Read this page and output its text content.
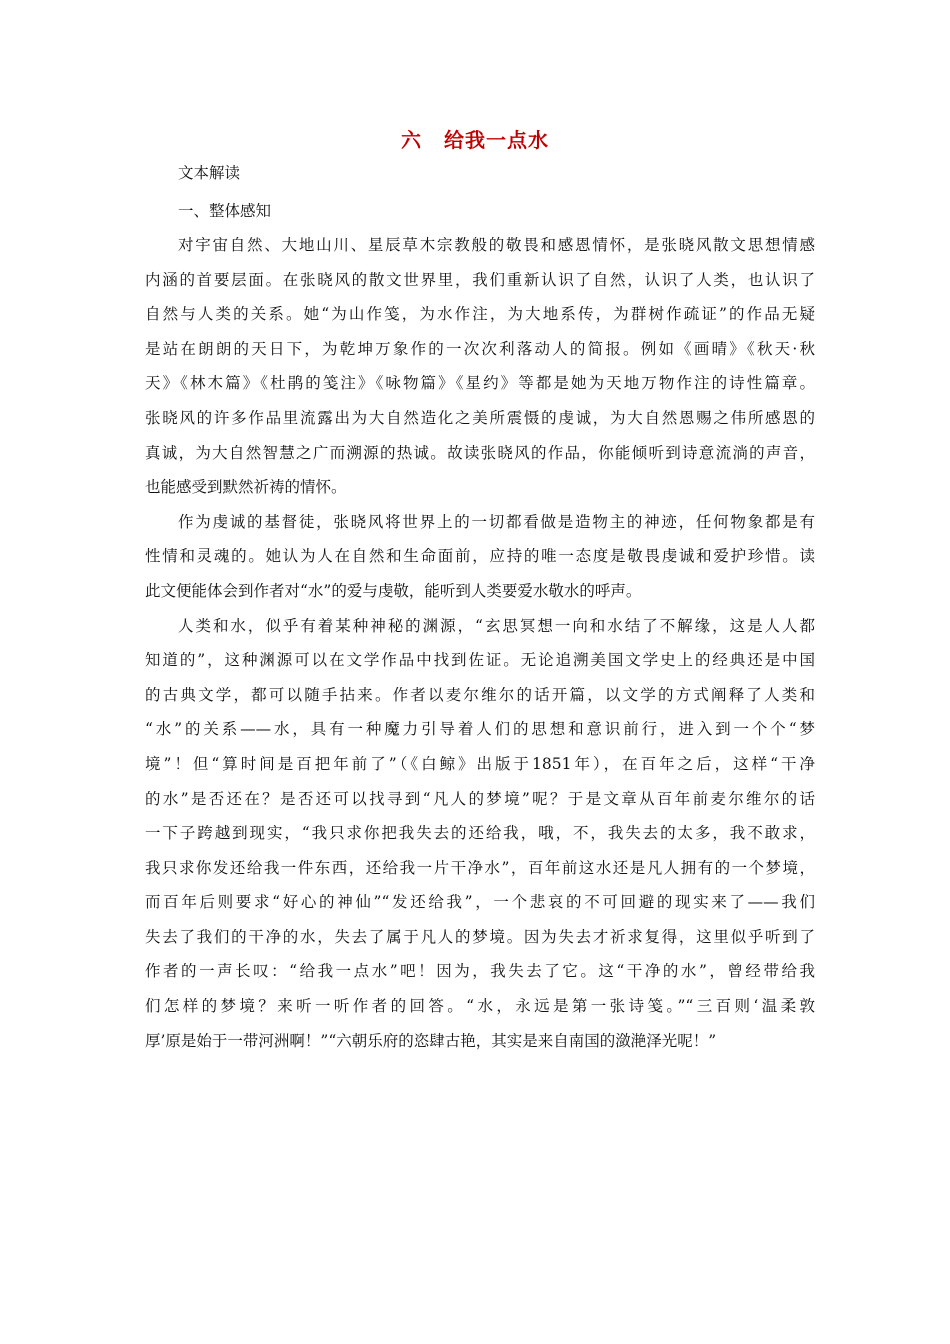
六 给我一点水
文本解读
一、整体感知
对宇宙自然、大地山川、星辰草木宗教般的敬畏和感恩情怀，是张晓风散文思想情感
内涵的首要层面。在张晓风的散文世界里，我们重新认识了自然，认识了人类，也认识了
自然与人类的关系。她“为山作笺，为水作注，为大地系传，为群树作疏证”的作品无疑
是站在朗朗的天日下，为乾坤万象作的一次次利落动人的简报。例如《画晴》《秋天·秋
天》《林木篇》《杜鹃的笺注》《咏物篇》《星约》等都是她为天地万物作注的诗性篇章。
张晓风的许多作品里流露出为大自然造化之美所震慑的虔诚，为大自然恩赐之伟所感恩的
真诚，为大自然智慧之广而溯源的热诚。故读张晓风的作品，你能倾听到诗意流淌的声音，
也能感受到默然祈祷的情怀。
作为虔诚的基督徒，张晓风将世界上的一切都看做是造物主的神迹，任何物象都是有
性情和灵魂的。她认为人在自然和生命面前，应持的唯一态度是敬畏虔诚和爱护珍惜。读
此文便能体会到作者对“水”的爱与虔敬，能听到人类要爱水敬水的呼声。
人类和水，似乎有着某种神秘的渊源，“玄思冥想一向和水结了不解缘，这是人人都
知道的”，这种渊源可以在文学作品中找到佐证。无论追溯美国文学史上的经典还是中国
的古典文学，都可以随手拈来。作者以麦尔维尔的话开篇，以文学的方式阐释了人类和
“水”的关系——水，具有一种魔力引导着人们的思想和意识前行，进入到一个个“梦
境”！但“算时间是百把年前了”（《白鲸》出版于1851年），在百年之后，这样“干净
的水”是否还在？是否还可以找寻到“凡人的梦境”呢？于是文章从百年前麦尔维尔的话
一下子跨越到现实，“我只求你把我失去的还给我，哦，不，我失去的太多，我不敢求，
我只求你发还给我一件东西，还给我一片干净水”，百年前这水还是凡人拥有的一个梦境，
而百年后则要求“好心的神仙”“发还给我”，一个悲哀的不可回避的现实来了——我们
失去了我们的干净的水，失去了属于凡人的梦境。因为失去才祈求复得，这里似乎听到了
作者的一声长叹：“给我一点水”吧！因为，我失去了它。这“干净的水”，曾经带给我
们怎样的梦境？来听一听作者的回答。“水，永远是第一张诗笺。”“三百则‘温柔敦
厚’原是始于一带河洲啊！”“六朝乐府的恣肆古艳，其实是来自南国的潋滟泽光呢！”
